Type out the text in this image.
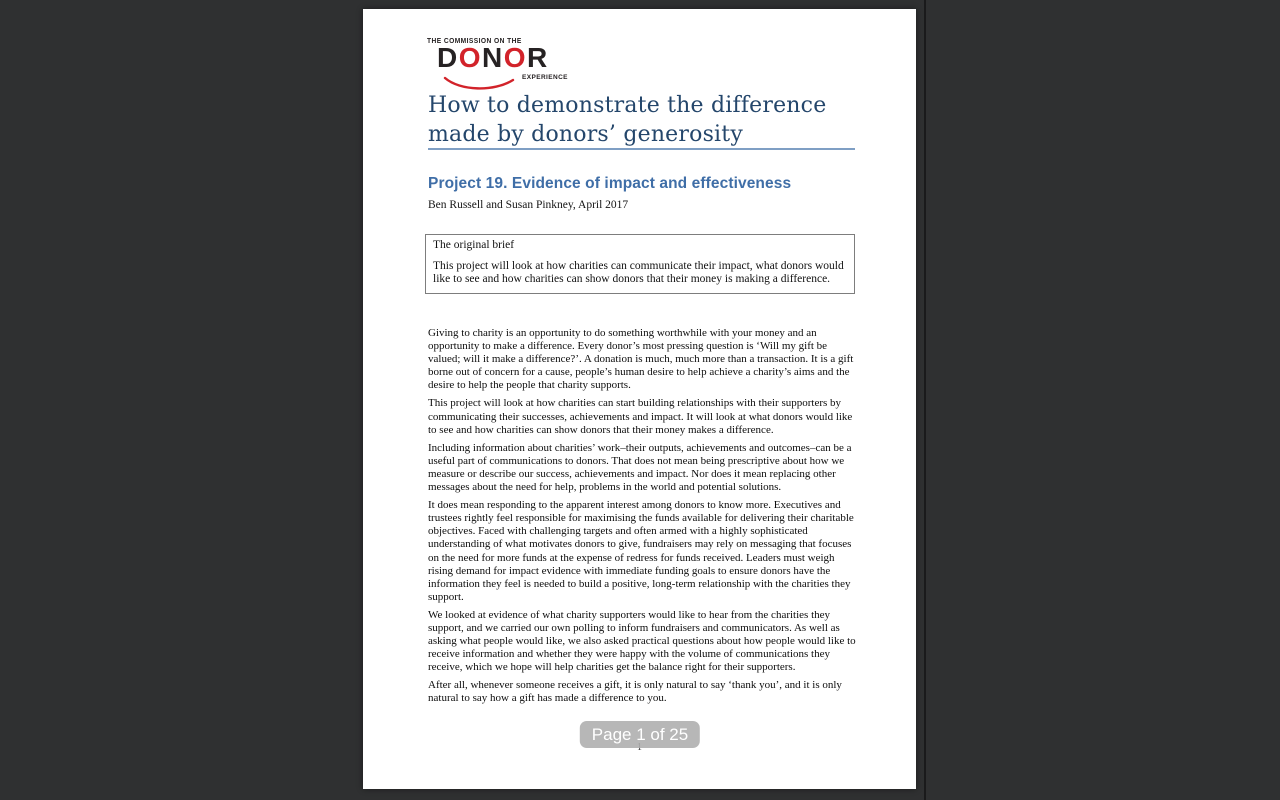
THE COMMISSION ON THE
DONOR
EXPERIENCE
How to demonstrate the difference
made by donors’ generosity
Project 19. Evidence of impact and effectiveness
Ben Russell and Susan Pinkney, April 2017
The original brief
This project will look at how charities can communicate their impact, what donors would like to see and how charities can show donors that their money is making a difference.

Giving to charity is an opportunity to do something worthwhile with your money and an opportunity to make a difference. Every donor’s most pressing question is ‘Will my gift be valued; will it make a difference?’. A donation is much, much more than a transaction. It is a gift borne out of concern for a cause, people’s human desire to help achieve a charity’s aims and the desire to help the people that charity supports.

This project will look at how charities can start building relationships with their supporters by communicating their successes, achievements and impact. It will look at what donors would like to see and how charities can show donors that their money makes a difference.

Including information about charities’ work–their outputs, achievements and outcomes–can be a useful part of communications to donors. That does not mean being prescriptive about how we measure or describe our success, achievements and impact. Nor does it mean replacing other messages about the need for help, problems in the world and potential solutions.

It does mean responding to the apparent interest among donors to know more. Executives and trustees rightly feel responsible for maximising the funds available for delivering their charitable objectives. Faced with challenging targets and often armed with a highly sophisticated understanding of what motivates donors to give, fundraisers may rely on messaging that focuses on the need for more funds at the expense of redress for funds received. Leaders must weigh rising demand for impact evidence with immediate funding goals to ensure donors have the information they feel is needed to build a positive, long-term relationship with the charities they support.

We looked at evidence of what charity supporters would like to hear from the charities they support, and we carried our own polling to inform fundraisers and communicators. As well as asking what people would like, we also asked practical questions about how people would like to receive information and whether they were happy with the volume of communications they receive, which we hope will help charities get the balance right for their supporters.

After all, whenever someone receives a gift, it is only natural to say ‘thank you’, and it is only natural to say how a gift has made a difference to you.

Page 1 of 25
